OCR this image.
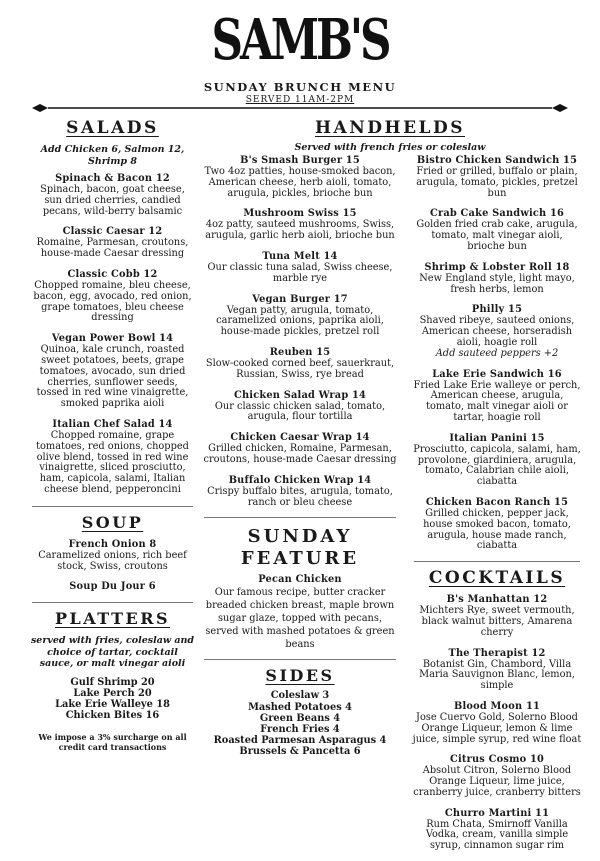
SAMB'S
SUNDAY BRUNCH MENU
SERVED 11AM-2PM
SALADS
Add Chicken 6, Salmon 12, Shrimp 8
Spinach & Bacon 12
Spinach, bacon, goat cheese, sun dried cherries, candied pecans, wild-berry balsamic
Classic Caesar 12
Romaine, Parmesan, croutons, house-made Caesar dressing
Classic Cobb 12
Chopped romaine, bleu cheese, bacon, egg, avocado, red onion, grape tomatoes, bleu cheese dressing
Vegan Power Bowl 14
Quinoa, kale crunch, roasted sweet potatoes, beets, grape tomatoes, avocado, sun dried cherries, sunflower seeds, tossed in red wine vinaigrette, smoked paprika aioli
Italian Chef Salad 14
Chopped romaine, grape tomatoes, red onions, chopped olive blend, tossed in red wine vinaigrette, sliced prosciutto, ham, capicola, salami, Italian cheese blend, pepperoncini
SOUP
French Onion 8
Caramelized onions, rich beef stock, Swiss, croutons
Soup Du Jour 6
PLATTERS
served with fries, coleslaw and choice of tartar, cocktail sauce, or malt vinegar aioli
Gulf Shrimp 20
Lake Perch 20
Lake Erie Walleye 18
Chicken Bites 16
We impose a 3% surcharge on all credit card transactions
HANDHELDS
Served with french fries or coleslaw
B's Smash Burger 15
Two 4oz patties, house-smoked bacon, American cheese, herb aioli, tomato, arugula, pickles, brioche bun
Mushroom Swiss 15
4oz patty, sauteed mushrooms, Swiss, arugula, garlic herb aioli, brioche bun
Tuna Melt 14
Our classic tuna salad, Swiss cheese, marble rye
Vegan Burger 17
Vegan patty, arugula, tomato, caramelized onions, paprika aioli, house-made pickles, pretzel roll
Reuben 15
Slow-cooked corned beef, sauerkraut, Russian, Swiss, rye bread
Chicken Salad Wrap 14
Our classic chicken salad, tomato, arugula, flour tortilla
Chicken Caesar Wrap 14
Grilled chicken, Romaine, Parmesan, croutons, house-made Caesar dressing
Buffalo Chicken Wrap 14
Crispy buffalo bites, arugula, tomato, ranch or bleu cheese
SUNDAY
FEATURE
Pecan Chicken
Our famous recipe, butter cracker breaded chicken breast, maple brown sugar glaze, topped with pecans, served with mashed potatoes & green beans
SIDES
Coleslaw 3
Mashed Potatoes 4
Green Beans 4
French Fries 4
Roasted Parmesan Asparagus 4
Brussels & Pancetta 6
Bistro Chicken Sandwich 15
Fried or grilled, buffalo or plain, arugula, tomato, pickles, pretzel bun
Crab Cake Sandwich 16
Golden fried crab cake, arugula, tomato, malt vinegar aioli, brioche bun
Shrimp & Lobster Roll 18
New England style, light mayo, fresh herbs, lemon
Philly 15
Shaved ribeye, sauteed onions, American cheese, horseradish aioli, hoagie roll
Add sauteed peppers +2
Lake Erie Sandwich 16
Fried Lake Erie walleye or perch, American cheese, arugula, tomato, malt vinegar aioli or tartar, hoagie roll
Italian Panini 15
Prosciutto, capicola, salami, ham, provolone, giardiniera, arugula, tomato, Calabrian chile aioli, ciabatta
Chicken Bacon Ranch 15
Grilled chicken, pepper jack, house smoked bacon, tomato, arugula, house made ranch, ciabatta
COCKTAILS
B's Manhattan 12
Michters Rye, sweet vermouth, black walnut bitters, Amarena cherry
The Therapist 12
Botanist Gin, Chambord, Villa Maria Sauvignon Blanc, lemon, simple
Blood Moon 11
Jose Cuervo Gold, Solerno Blood Orange Liqueur, lemon & lime juice, simple syrup, red wine float
Citrus Cosmo 10
Absolut Citron, Solerno Blood Orange Liqueur, lime juice, cranberry juice, cranberry bitters
Churro Martini 11
Rum Chata, Smirnoff Vanilla Vodka, cream, vanilla simple syrup, cinnamon sugar rim
